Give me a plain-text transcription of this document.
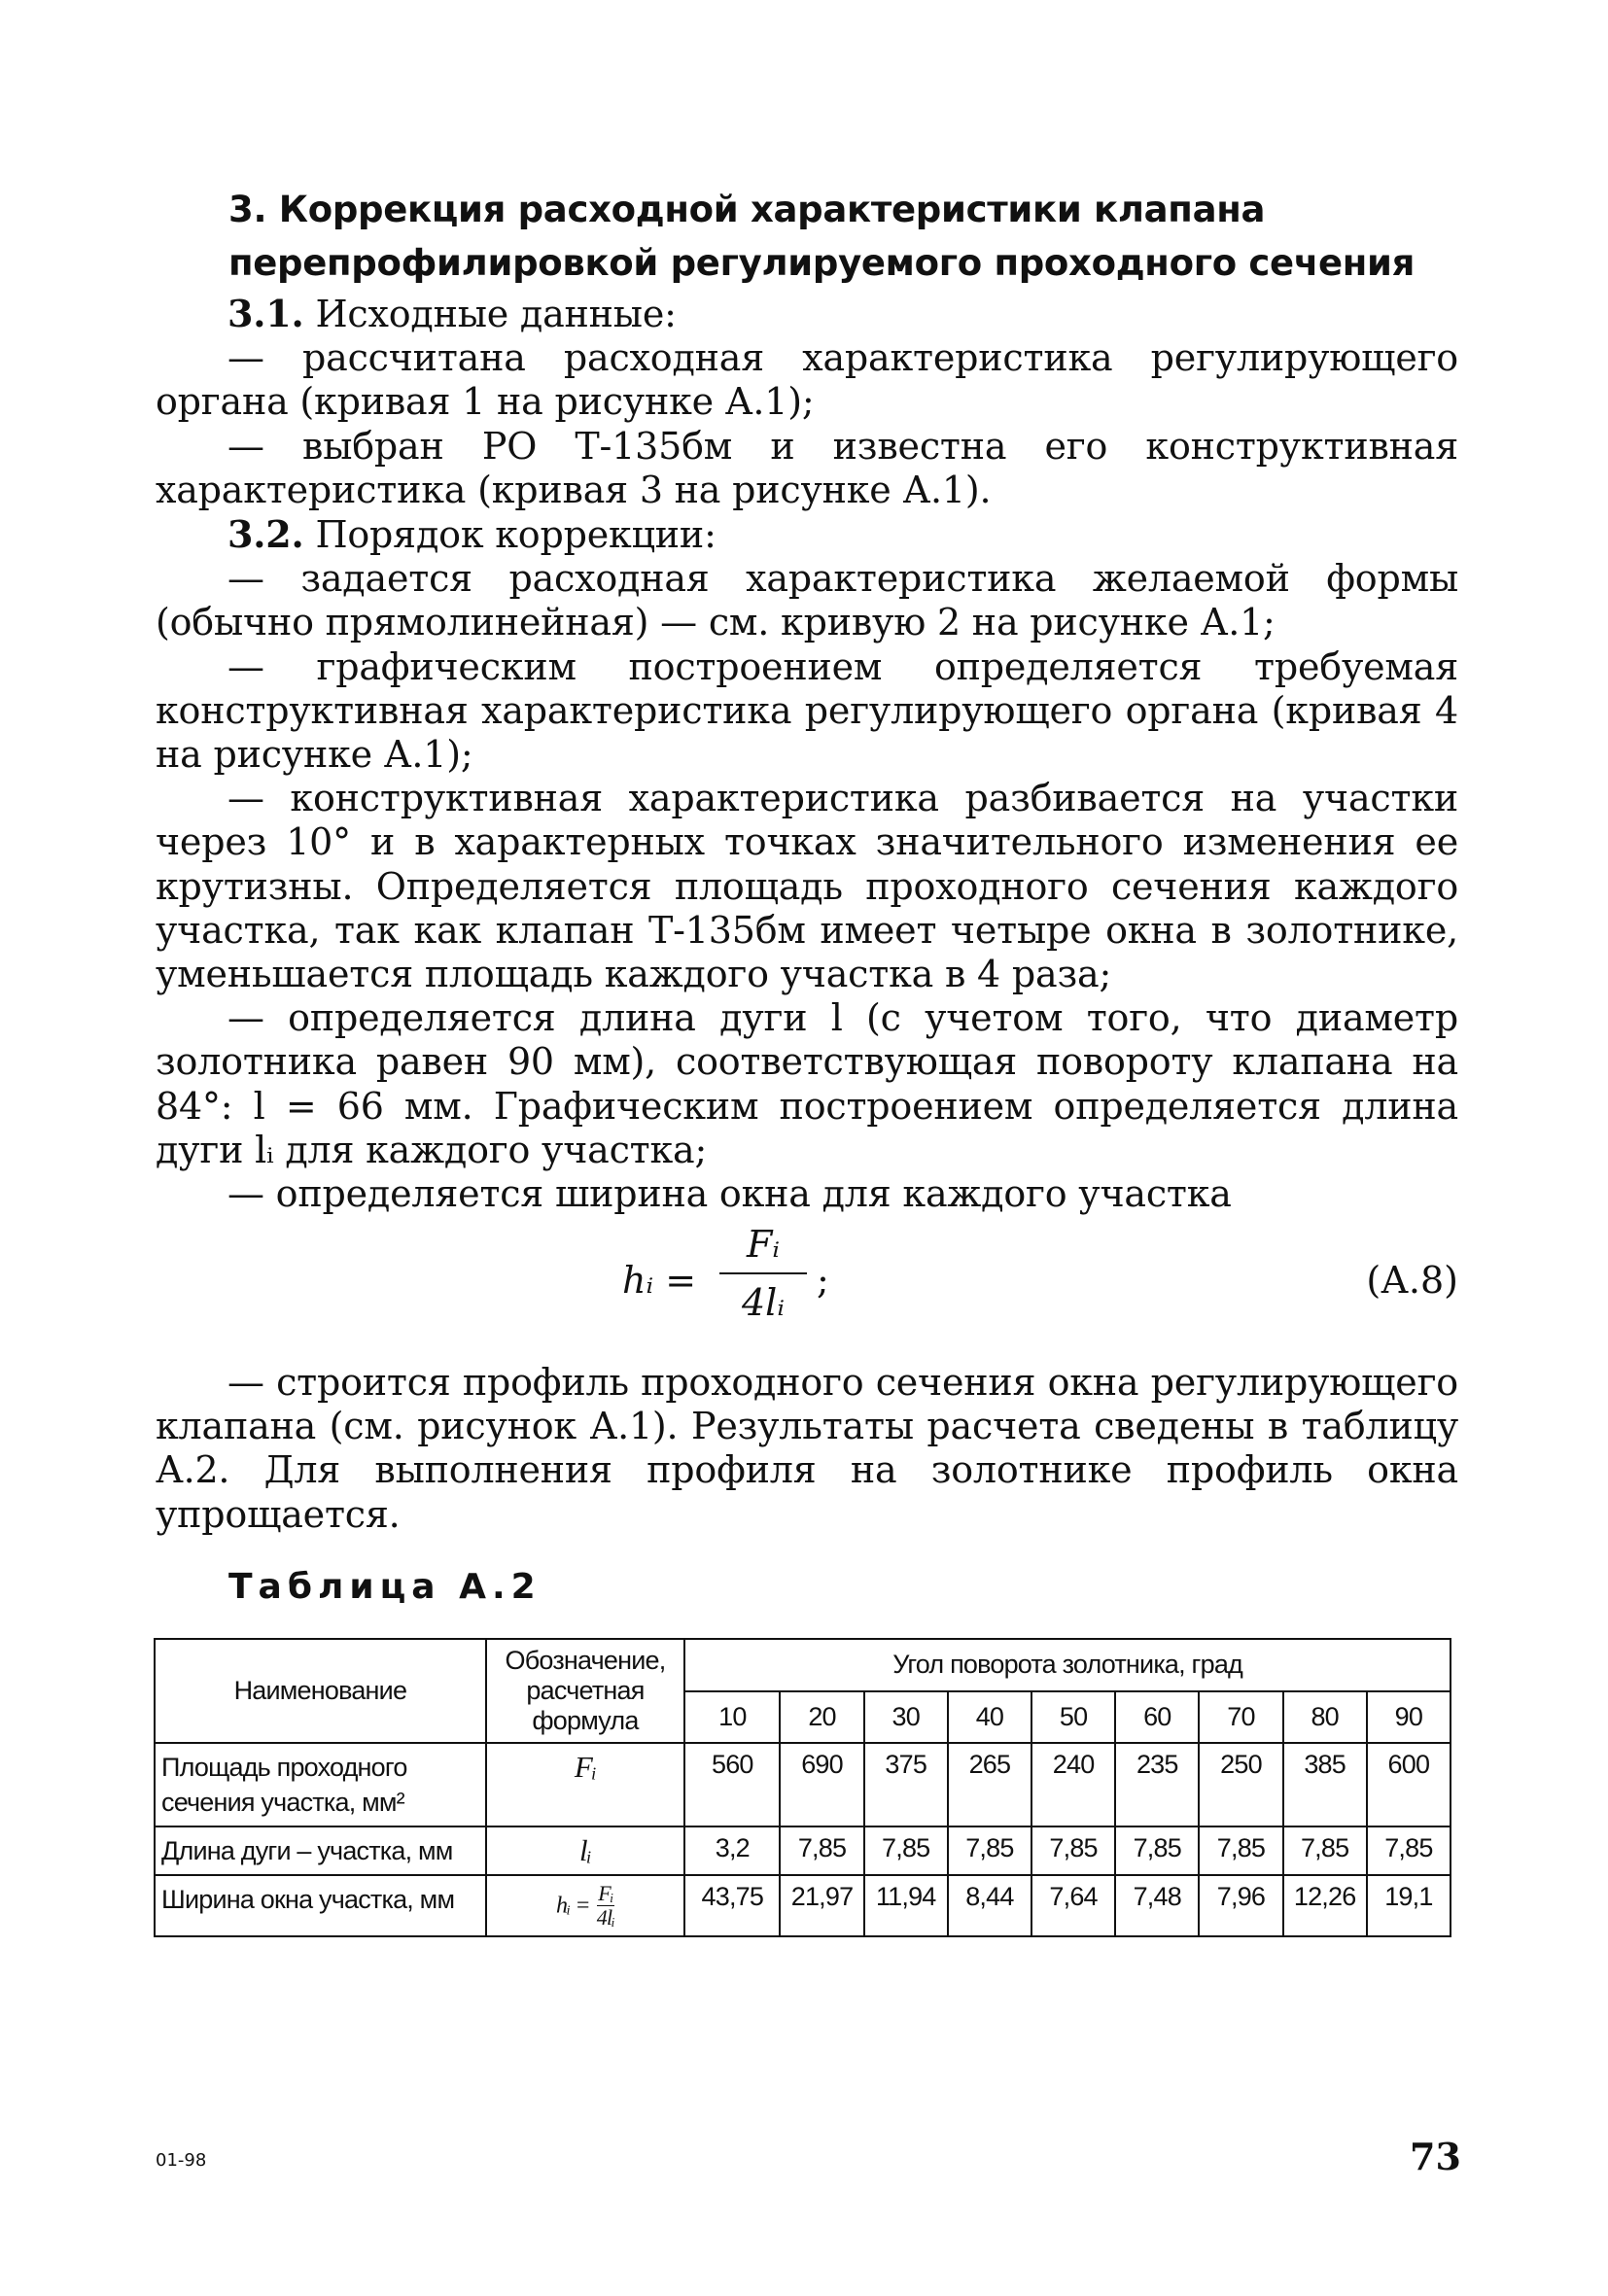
3. Коррекция расходной характеристики клапана
перепрофилировкой регулируемого проходного сечения

3.1. Исходные данные:

— рассчитана расходная характеристика регулирующего органа (кривая 1 на рисунке А.1);

— выбран РО Т-135бм и известна его конструктивная характеристика (кривая 3 на рисунке А.1).

3.2. Порядок коррекции:

— задается расходная характеристика желаемой формы (обычно прямолинейная) — см. кривую 2 на рисунке А.1;

— графическим построением определяется требуемая конструктивная характеристика регулирующего органа (кривая 4 на рисунке А.1);

— конструктивная характеристика разбивается на участки через 10° и в характерных точках значительного изменения ее крутизны. Определяется площадь проходного сечения каждого участка, так как клапан Т-135бм имеет четыре окна в золотнике, уменьшается площадь каждого участка в 4 раза;

— определяется длина дуги l (с учетом того, что диаметр золотника равен 90 мм), соответствующая повороту клапана на 84°: l = 66 мм. Графическим построением определяется длина дуги lᵢ для каждого участка;

— определяется ширина окна для каждого участка

hᵢ =
Fᵢ
4lᵢ
;	(А.8)

— строится профиль проходного сечения окна регулирующего клапана (см. рисунок А.1). Результаты расчета сведены в таблицу А.2. Для выполнения профиля на золотнике профиль окна упрощается.

Таблица А.2
Наименование	Обозначение, расчетная формула	Угол поворота золотника, град								
		10	20	30	40	50	60	70	80	90
Площадь проходного сечения участка, мм²	Fᵢ	560	690	375	265	240	235	250	385	600
Длина дуги – участка, мм	lᵢ	3,2	7,85	7,85	7,85	7,85	7,85	7,85	7,85	7,85
Ширина окна участка, мм	hᵢ = $\frac{\text{Fᵢ}}{\text{4lᵢ}}$	43,75	21,97	11,94	8,44	7,64	7,48	7,96	12,26	19,1
01-98	73
